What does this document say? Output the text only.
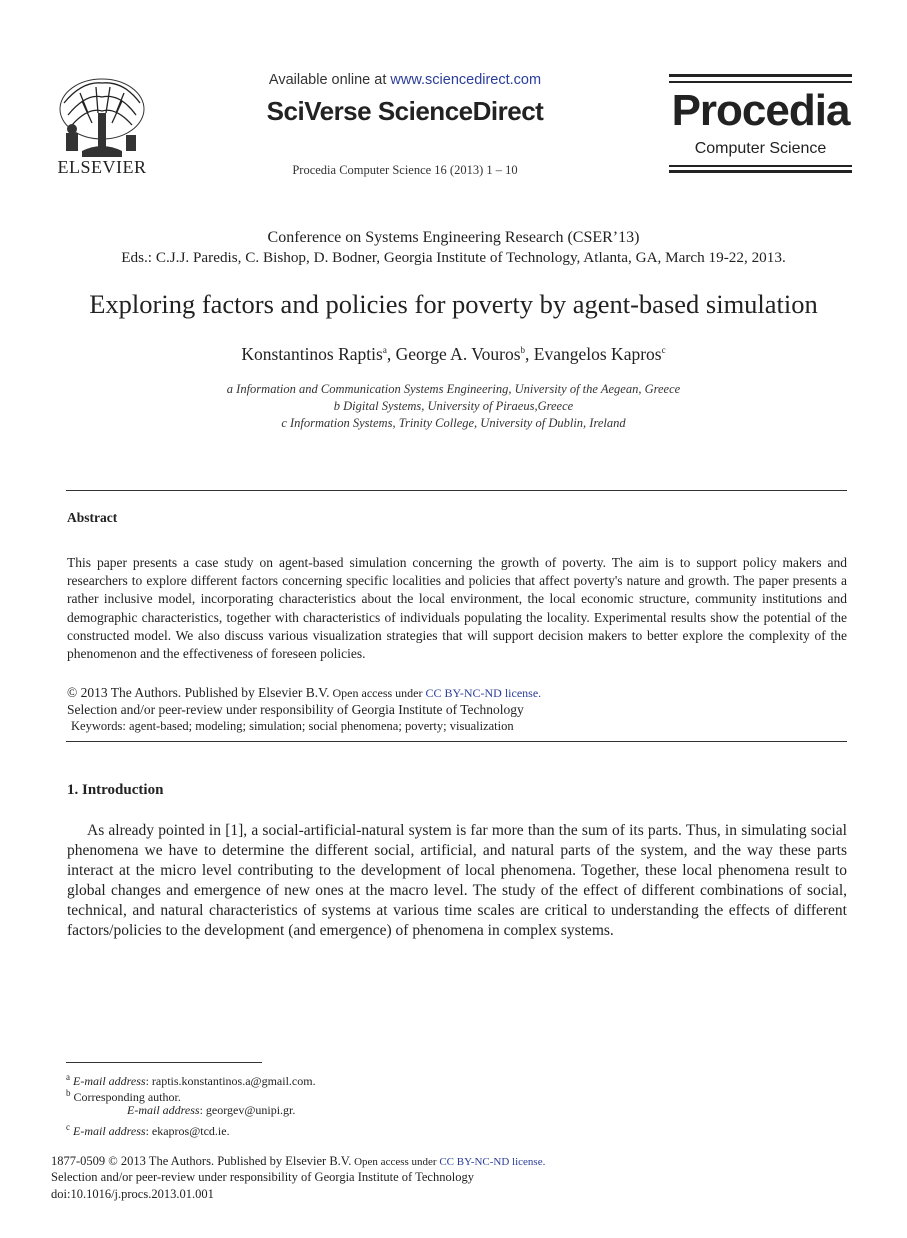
ELSEVIER
Available online at www.sciencedirect.com
SciVerse ScienceDirect
Procedia Computer Science 16 (2013) 1 – 10
Procedia
Computer Science
Conference on Systems Engineering Research (CSER’13)
Eds.: C.J.J. Paredis, C. Bishop, D. Bodner, Georgia Institute of Technology, Atlanta, GA, March 19-22, 2013.
Exploring factors and policies for poverty by agent-based simulation
Konstantinos Raptis$^a$, George A. Vouros$^b$, Evangelos Kapros$^c$
a Information and Communication Systems Engineering, University of the Aegean, Greece
b Digital Systems, University of Piraeus,Greece
c Information Systems, Trinity College, University of Dublin, Ireland
Abstract
This paper presents a case study on agent-based simulation concerning the growth of poverty. The aim is to support policy makers and researchers to explore different factors concerning specific localities and policies that affect poverty's nature and growth. The paper presents a rather inclusive model, incorporating characteristics about the local environment, the local economic structure, community institutions and demographic characteristics, together with characteristics of individuals populating the locality. Experimental results show the potential of the constructed model. We also discuss various visualization strategies that will support decision makers to better explore the complexity of the phenomenon and the effectiveness of foreseen policies.
© 2013 The Authors. Published by Elsevier B.V. Open access under CC BY-NC-ND license.
Selection and/or peer-review under responsibility of Georgia Institute of Technology
Keywords: agent-based; modeling; simulation; social phenomena; poverty; visualization
1. Introduction
As already pointed in [1], a social-artificial-natural system is far more than the sum of its parts. Thus, in simulating social phenomena we have to determine the different social, artificial, and natural parts of the system, and the way these parts interact at the micro level contributing to the development of local phenomena. Together, these local phenomena result to global changes and emergence of new ones at the macro level. The study of the effect of different combinations of social, technical, and natural characteristics of systems at various time scales are critical to understanding the effects of different factors/policies to the development (and emergence) of phenomena in complex systems.
$^a$ E-mail address: raptis.konstantinos.a@gmail.com.
$^b$ Corresponding author.
E-mail address: georgev@unipi.gr.
$^c$ E-mail address: ekapros@tcd.ie.
1877-0509 © 2013 The Authors. Published by Elsevier B.V. Open access under CC BY-NC-ND license.
Selection and/or peer-review under responsibility of Georgia Institute of Technology
doi:10.1016/j.procs.2013.01.001
